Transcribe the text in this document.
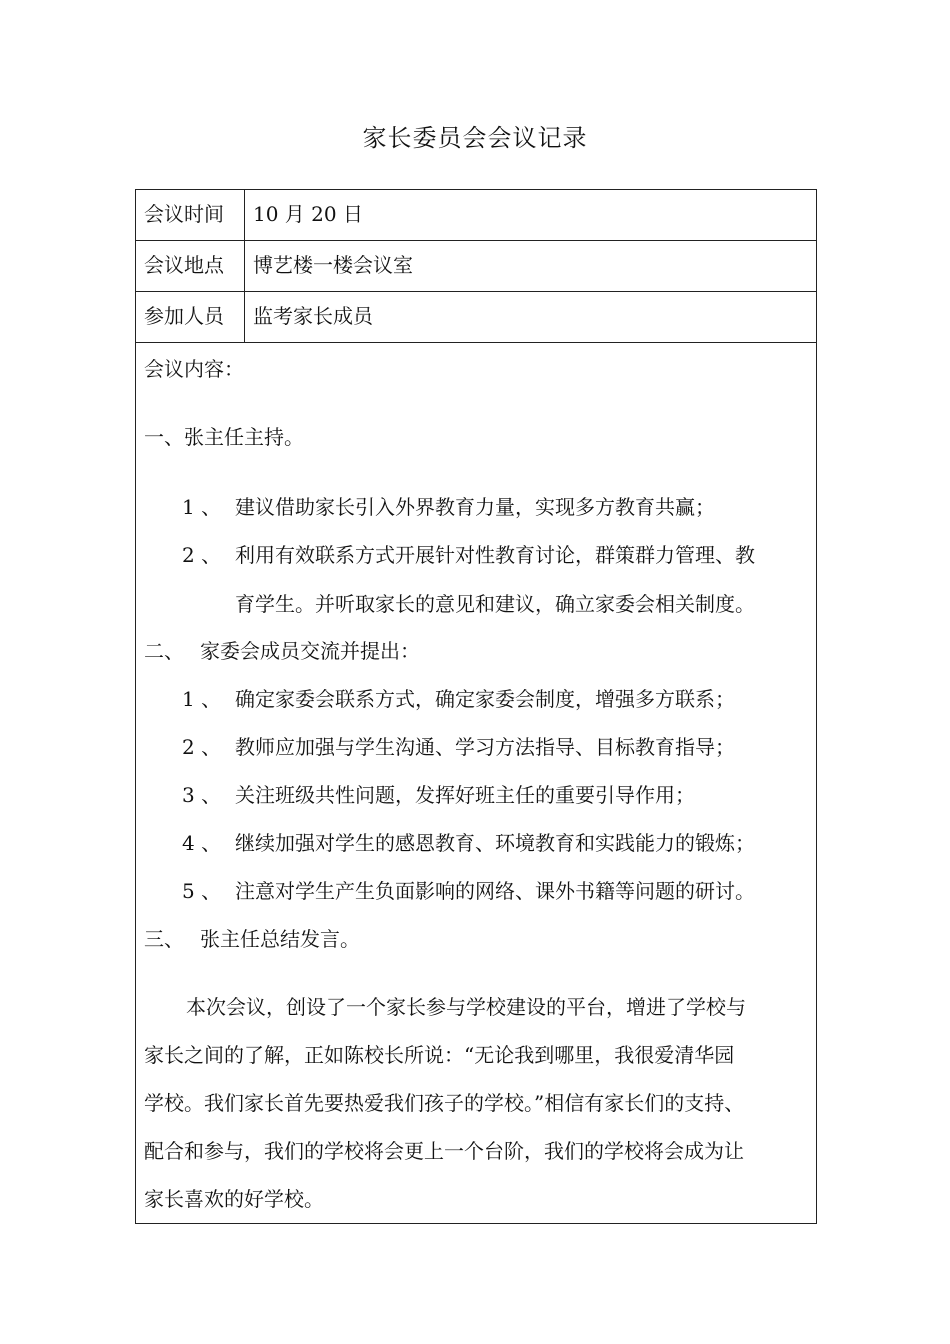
家长委员会会议记录
会议时间	10 月 20 日
会议地点	博艺楼一楼会议室
参加人员	监考家长成员
会议内容：
一、张主任主持。
1 、 建议借助家长引入外界教育力量，实现多方教育共赢；
2 、 利用有效联系方式开展针对性教育讨论，群策群力管理、教
育学生。并听取家长的意见和建议，确立家委会相关制度。
二、 家委会成员交流并提出：
1 、 确定家委会联系方式，确定家委会制度，增强多方联系；
2 、 教师应加强与学生沟通、学习方法指导、目标教育指导；
3 、 关注班级共性问题，发挥好班主任的重要引导作用；
4 、 继续加强对学生的感恩教育、环境教育和实践能力的锻炼；
5 、 注意对学生产生负面影响的网络、课外书籍等问题的研讨。
三、 张主任总结发言。
本次会议，创设了一个家长参与学校建设的平台，增进了学校与
家长之间的了解，正如陈校长所说：“无论我到哪里，我很爱清华园
学校。我们家长首先要热爱我们孩子的学校。”相信有家长们的支持、
配合和参与，我们的学校将会更上一个台阶，我们的学校将会成为让
家长喜欢的好学校。
